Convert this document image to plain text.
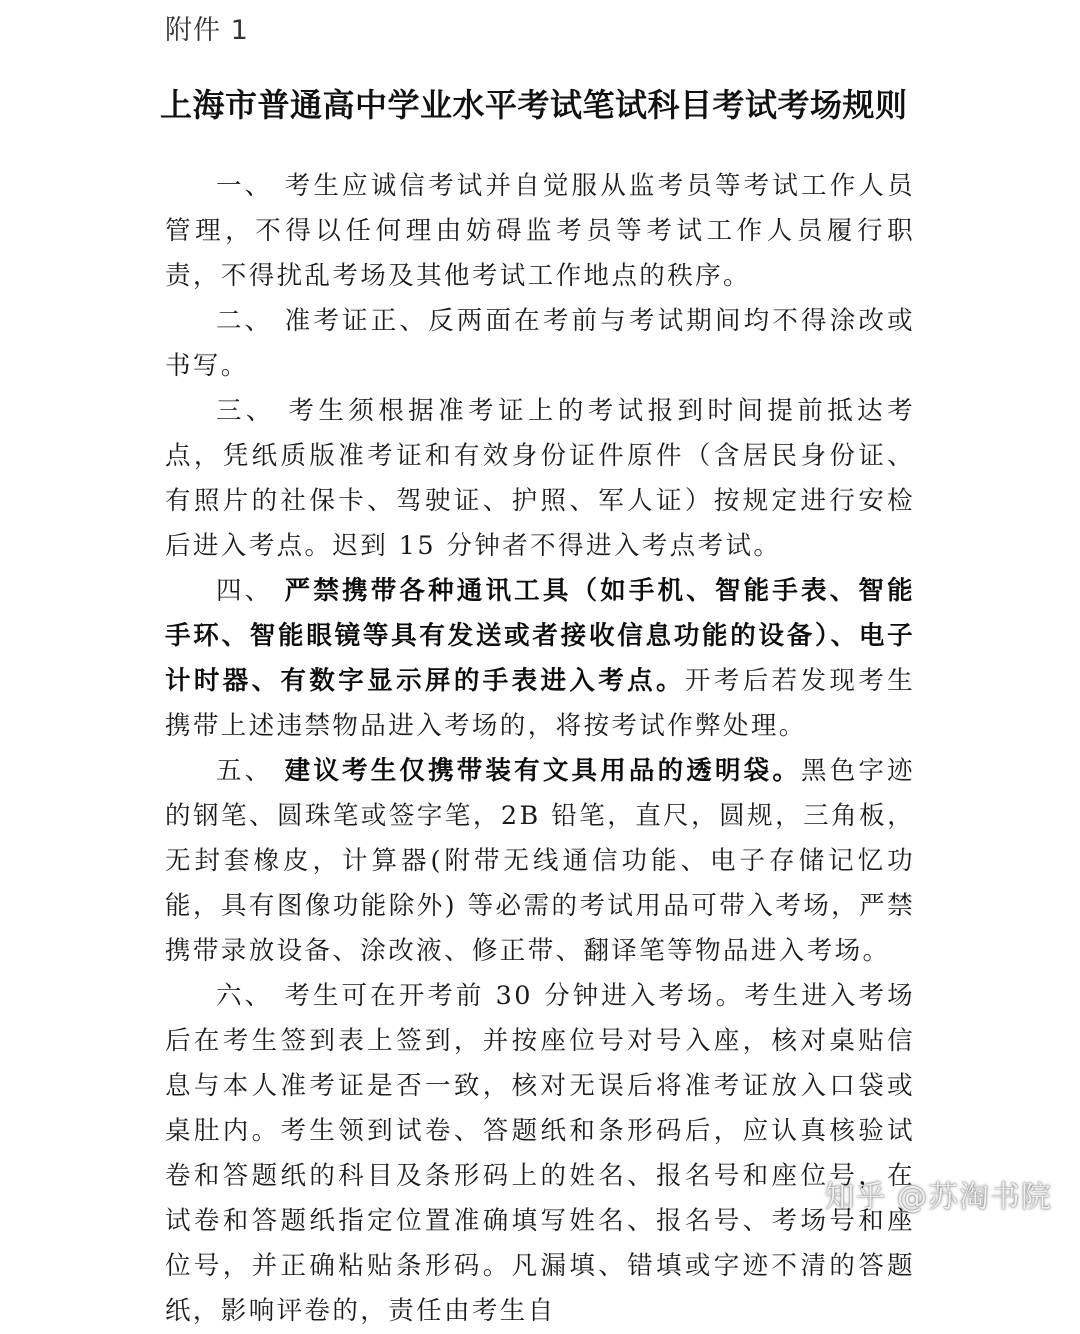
附件 1
上海市普通高中学业水平考试笔试科目考试考场规则

一、 考生应诚信考试并自觉服从监考员等考试工作人员管理，不得以任何理由妨碍监考员等考试工作人员履行职责，不得扰乱考场及其他考试工作地点的秩序。

二、 准考证正、反两面在考前与考试期间均不得涂改或书写。

三、 考生须根据准考证上的考试报到时间提前抵达考点，凭纸质版准考证和有效身份证件原件（含居民身份证、有照片的社保卡、驾驶证、护照、军人证）按规定进行安检后进入考点。迟到 15 分钟者不得进入考点考试。

四、 严禁携带各种通讯工具（如手机、智能手表、智能手环、智能眼镜等具有发送或者接收信息功能的设备）、电子计时器、有数字显示屏的手表进入考点。开考后若发现考生携带上述违禁物品进入考场的，将按考试作弊处理。

五、 建议考生仅携带装有文具用品的透明袋。黑色字迹的钢笔、圆珠笔或签字笔，2B 铅笔，直尺，圆规，三角板，无封套橡皮，计算器(附带无线通信功能、电子存储记忆功能，具有图像功能除外) 等必需的考试用品可带入考场，严禁携带录放设备、涂改液、修正带、翻译笔等物品进入考场。

六、 考生可在开考前 30 分钟进入考场。考生进入考场后在考生签到表上签到，并按座位号对号入座，核对桌贴信息与本人准考证是否一致，核对无误后将准考证放入口袋或桌肚内。考生领到试卷、答题纸和条形码后，应认真核验试卷和答题纸的科目及条形码上的姓名、报名号和座位号，在试卷和答题纸指定位置准确填写姓名、报名号、考场号和座位号，并正确粘贴条形码。凡漏填、错填或字迹不清的答题纸，影响评卷的，责任由考生自

知乎 @苏淘书院
